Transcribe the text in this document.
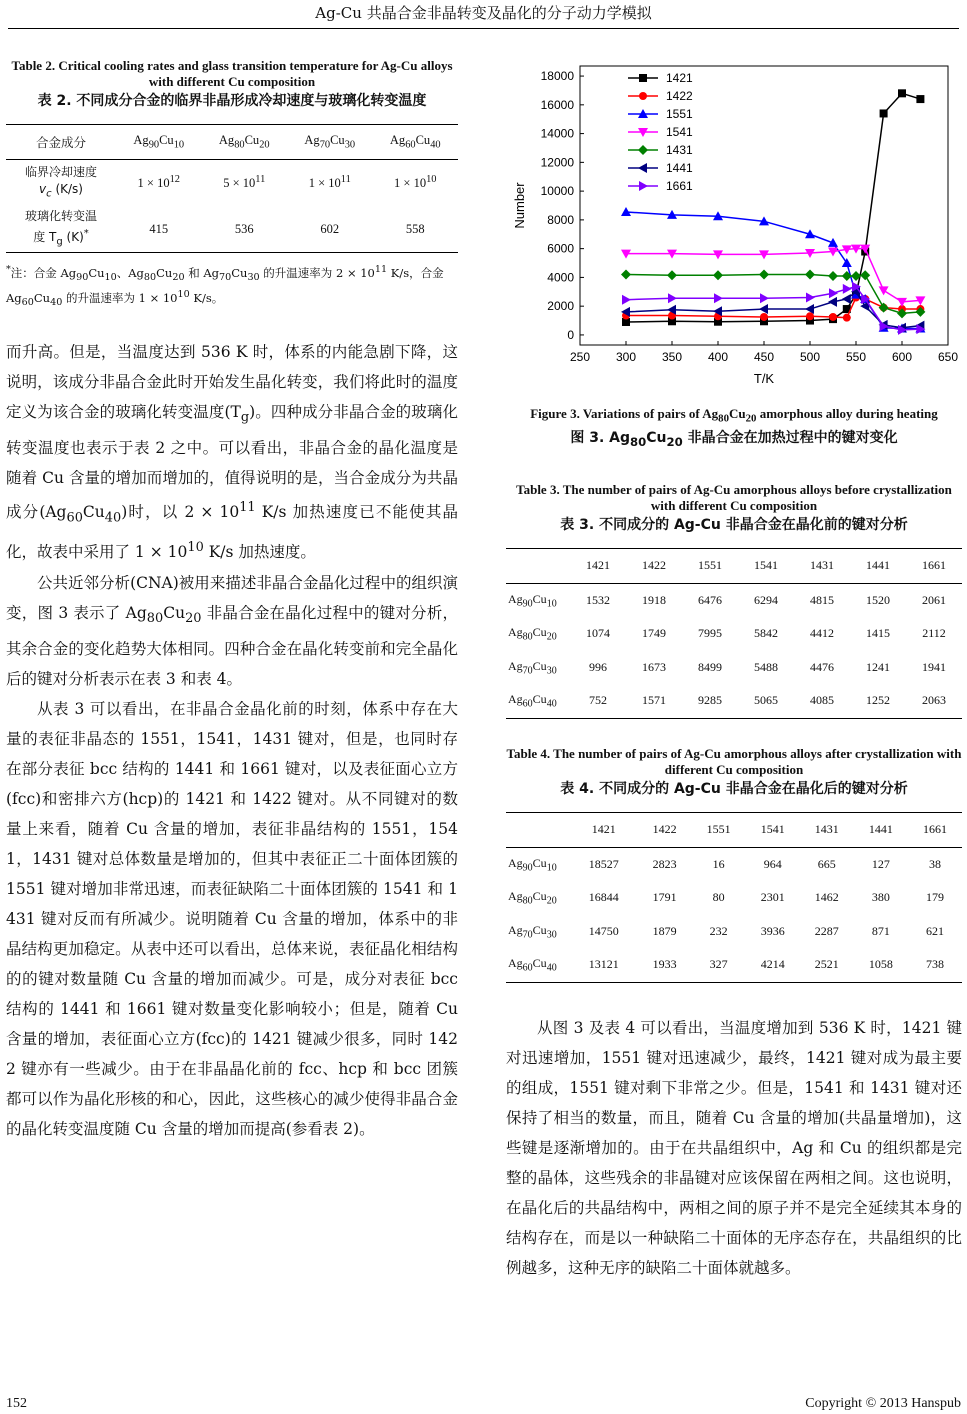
Ag-Cu 共晶合金非晶转变及晶化的分子动力学模拟
Table 2. Critical cooling rates and glass transition temperature for Ag-Cu alloys with different Cu composition
表 2. 不同成分合金的临界非晶形成冷却速度与玻璃化转变温度
合金成分	$Ag_{90}Cu_{10}$	$Ag_{80}Cu_{20}$	$Ag_{70}Cu_{30}$	$Ag_{60}Cu_{40}$
临界冷却速度
$v_c$ (K/s)	$1 \times 10^{12}$	$5 \times 10^{11}$	$1 \times 10^{11}$	$1 \times 10^{10}$
玻璃化转变温
度 $T_g$ (K)*	415	536	602	558
*注：合金 $Ag_{90}Cu_{10}$、$Ag_{80}Cu_{20}$ 和 $Ag_{70}Cu_{30}$ 的升温速率为 $2 \times 10^{11}$ K/s，合金 $Ag_{60}Cu_{40}$ 的升温速率为 $1 \times 10^{10}$ K/s。

而升高。但是，当温度达到 536 K 时，体系的内能急剧下降，这说明，该成分非晶合金此时开始发生晶化转变，我们将此时的温度定义为该合金的玻璃化转变温度$(T_g)$。四种成分非晶合金的玻璃化转变温度也表示于表 2 之中。可以看出，非晶合金的晶化温度是随着 Cu 含量的增加而增加的，值得说明的是，当合金成分为共晶成分$(Ag_{60}Cu_{40})$时，以 $2 \times 10^{11}$ K/s 加热速度已不能使其晶化，故表中采用了 $1 \times 10^{10}$ K/s 加热速度。

公共近邻分析(CNA)被用来描述非晶合金晶化过程中的组织演变，图 3 表示了 $Ag_{80}Cu_{20}$ 非晶合金在晶化过程中的键对分析，其余合金的变化趋势大体相同。四种合金在晶化转变前和完全晶化后的键对分析表示在表 3 和表 4。

从表 3 可以看出，在非晶合金晶化前的时刻，体系中存在大量的表征非晶态的 1551，1541，1431 键对，但是，也同时存在部分表征 bcc 结构的 1441 和 1661 键对，以及表征面心立方(fcc)和密排六方(hcp)的 1421 和 1422 键对。从不同键对的数量上来看，随着 Cu 含量的增加，表征非晶结构的 1551，1541，1431 键对总体数量是增加的，但其中表征正二十面体团簇的 1551 键对增加非常迅速，而表征缺陷二十面体团簇的 1541 和 1431 键对反而有所减少。说明随着 Cu 含量的增加，体系中的非晶结构更加稳定。从表中还可以看出，总体来说，表征晶化相结构的的键对数量随 Cu 含量的增加而减少。可是，成分对表征 bcc 结构的 1441 和 1661 键对数量变化影响较小；但是，随着 Cu 含量的增加，表征面心立方(fcc)的 1421 键减少很多，同时 1422 键亦有一些减少。由于在非晶晶化前的 fcc、hcp 和 bcc 团簇都可以作为晶化形核的和心，因此，这些核心的减少使得非晶合金的晶化转变温度随 Cu 含量的增加而提高(参看表 2)。

250 300 350 400 450 500 550 600 650
0
2000
4000
6000
8000
10000
12000
14000
16000
18000
T/K
Number
1421
1422
1551
1541
1431
1441
1661
Figure 3. Variations of pairs of $Ag_{80}Cu_{20}$ amorphous alloy during heating
图 3. $Ag_{80}Cu_{20}$ 非晶合金在加热过程中的键对变化
Table 3. The number of pairs of Ag-Cu amorphous alloys before crystallization with different Cu composition
表 3. 不同成分的 Ag-Cu 非晶合金在晶化前的键对分析
	1421	1422	1551	1541	1431	1441	1661
$Ag_{90}Cu_{10}$	1532	1918	6476	6294	4815	1520	2061
$Ag_{80}Cu_{20}$	1074	1749	7995	5842	4412	1415	2112
$Ag_{70}Cu_{30}$	996	1673	8499	5488	4476	1241	1941
$Ag_{60}Cu_{40}$	752	1571	9285	5065	4085	1252	2063
Table 4. The number of pairs of Ag-Cu amorphous alloys after crystallization with different Cu composition
表 4. 不同成分的 Ag-Cu 非晶合金在晶化后的键对分析
	1421	1422	1551	1541	1431	1441	1661
$Ag_{90}Cu_{10}$	18527	2823	16	964	665	127	38
$Ag_{80}Cu_{20}$	16844	1791	80	2301	1462	380	179
$Ag_{70}Cu_{30}$	14750	1879	232	3936	2287	871	621
$Ag_{60}Cu_{40}$	13121	1933	327	4214	2521	1058	738

从图 3 及表 4 可以看出，当温度增加到 536 K 时，1421 键对迅速增加，1551 键对迅速减少，最终，1421 键对成为最主要的组成，1551 键对剩下非常之少。但是，1541 和 1431 键对还保持了相当的数量，而且，随着 Cu 含量的增加(共晶量增加)，这些键是逐渐增加的。由于在共晶组织中，Ag 和 Cu 的组织都是完整的晶体，这些残余的非晶键对应该保留在两相之间。这也说明，在晶化后的共晶结构中，两相之间的原子并不是完全延续其本身的结构存在，而是以一种缺陷二十面体的无序态存在，共晶组织的比例越多，这种无序的缺陷二十面体就越多。

152	Copyright © 2013 Hanspub
